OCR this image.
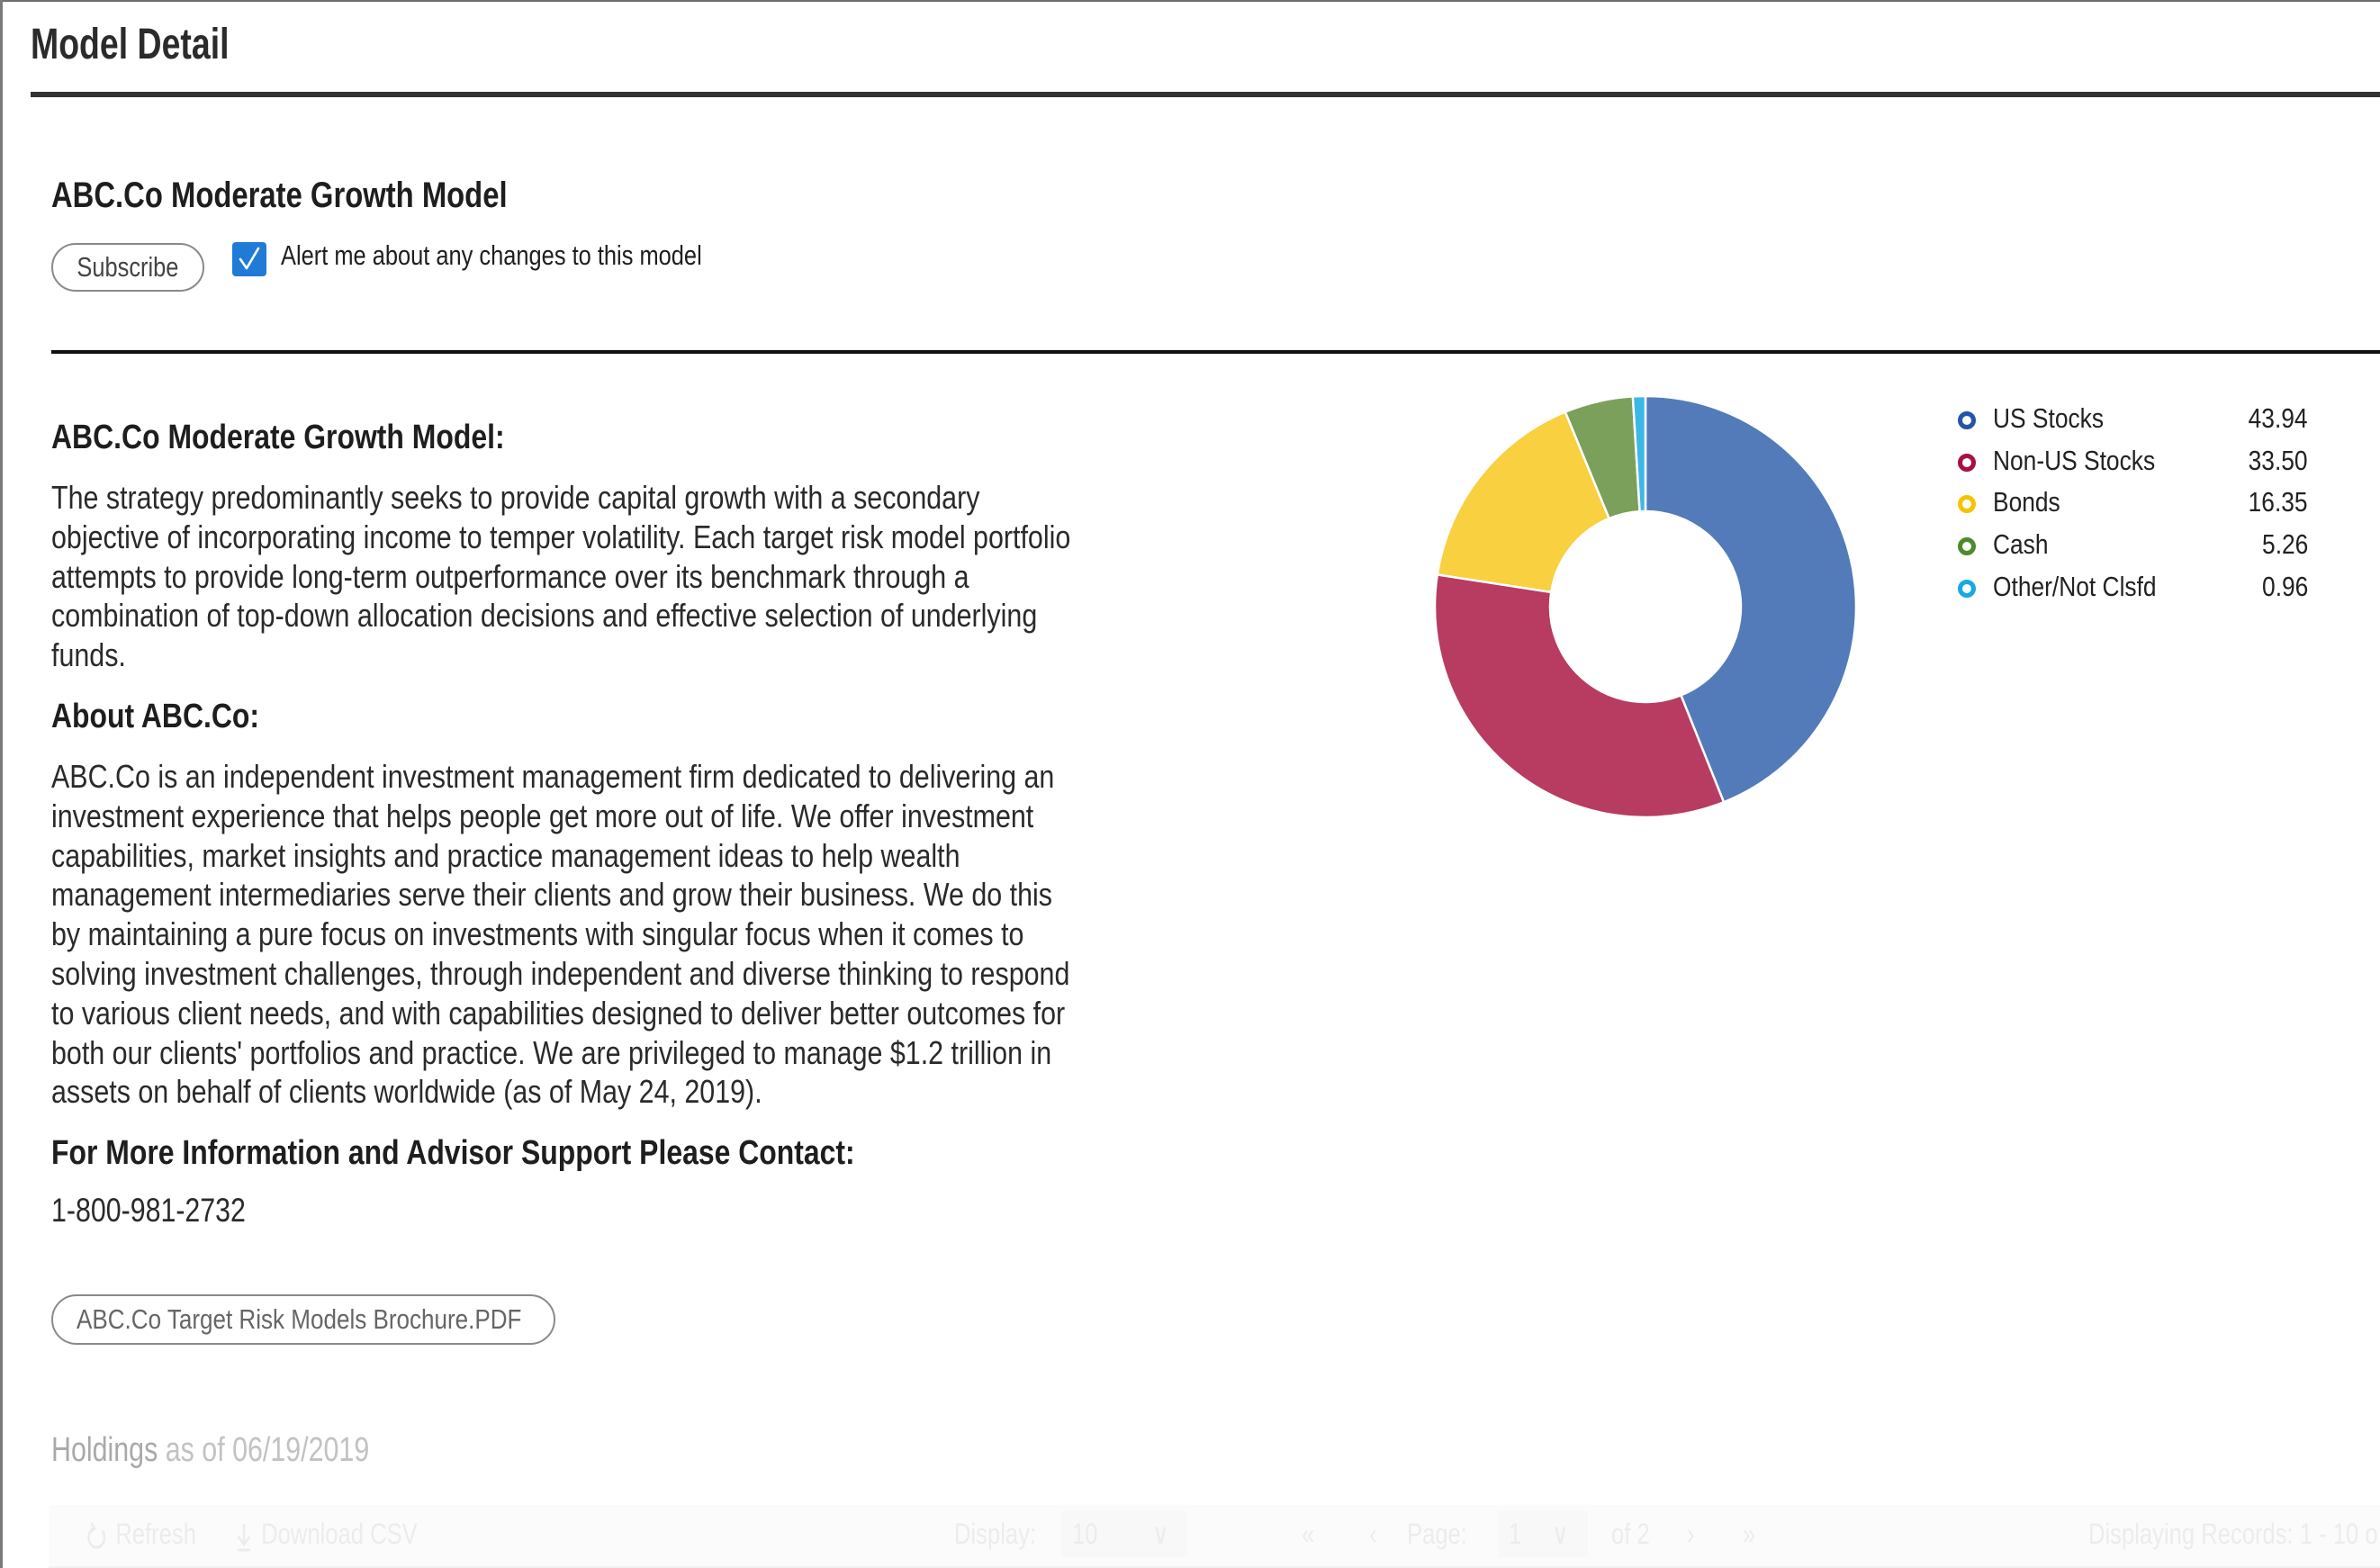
Model Detail
ABC.Co Moderate Growth Model
Subscribe	Alert me about any changes to this model
ABC.Co Moderate Growth Model:
The strategy predominantly seeks to provide capital growth with a secondary
objective of incorporating income to temper volatility. Each target risk model portfolio
attempts to provide long-term outperformance over its benchmark through a
combination of top-down allocation decisions and effective selection of underlying
funds.
About ABC.Co:
ABC.Co is an independent investment management firm dedicated to delivering an
investment experience that helps people get more out of life. We offer investment
capabilities, market insights and practice management ideas to help wealth
management intermediaries serve their clients and grow their business. We do this
by maintaining a pure focus on investments with singular focus when it comes to
solving investment challenges, through independent and diverse thinking to respond
to various client needs, and with capabilities designed to deliver better outcomes for
both our clients' portfolios and practice. We are privileged to manage $1.2 trillion in
assets on behalf of clients worldwide (as of May 24, 2019).
For More Information and Advisor Support Please Contact:
1-800-981-2732
ABC.Co Target Risk Models Brochure.PDF
Holdings as of 06/19/2019
US Stocks	43.94
Non-US Stocks	33.50
Bonds	16.35
Cash	5.26
Other/Not Clsfd	0.96
Refresh	Download CSV	Display:	10 ∨	« ‹ Page:	1 ∨ of 2	› »	Displaying Records: 1 - 10 o
